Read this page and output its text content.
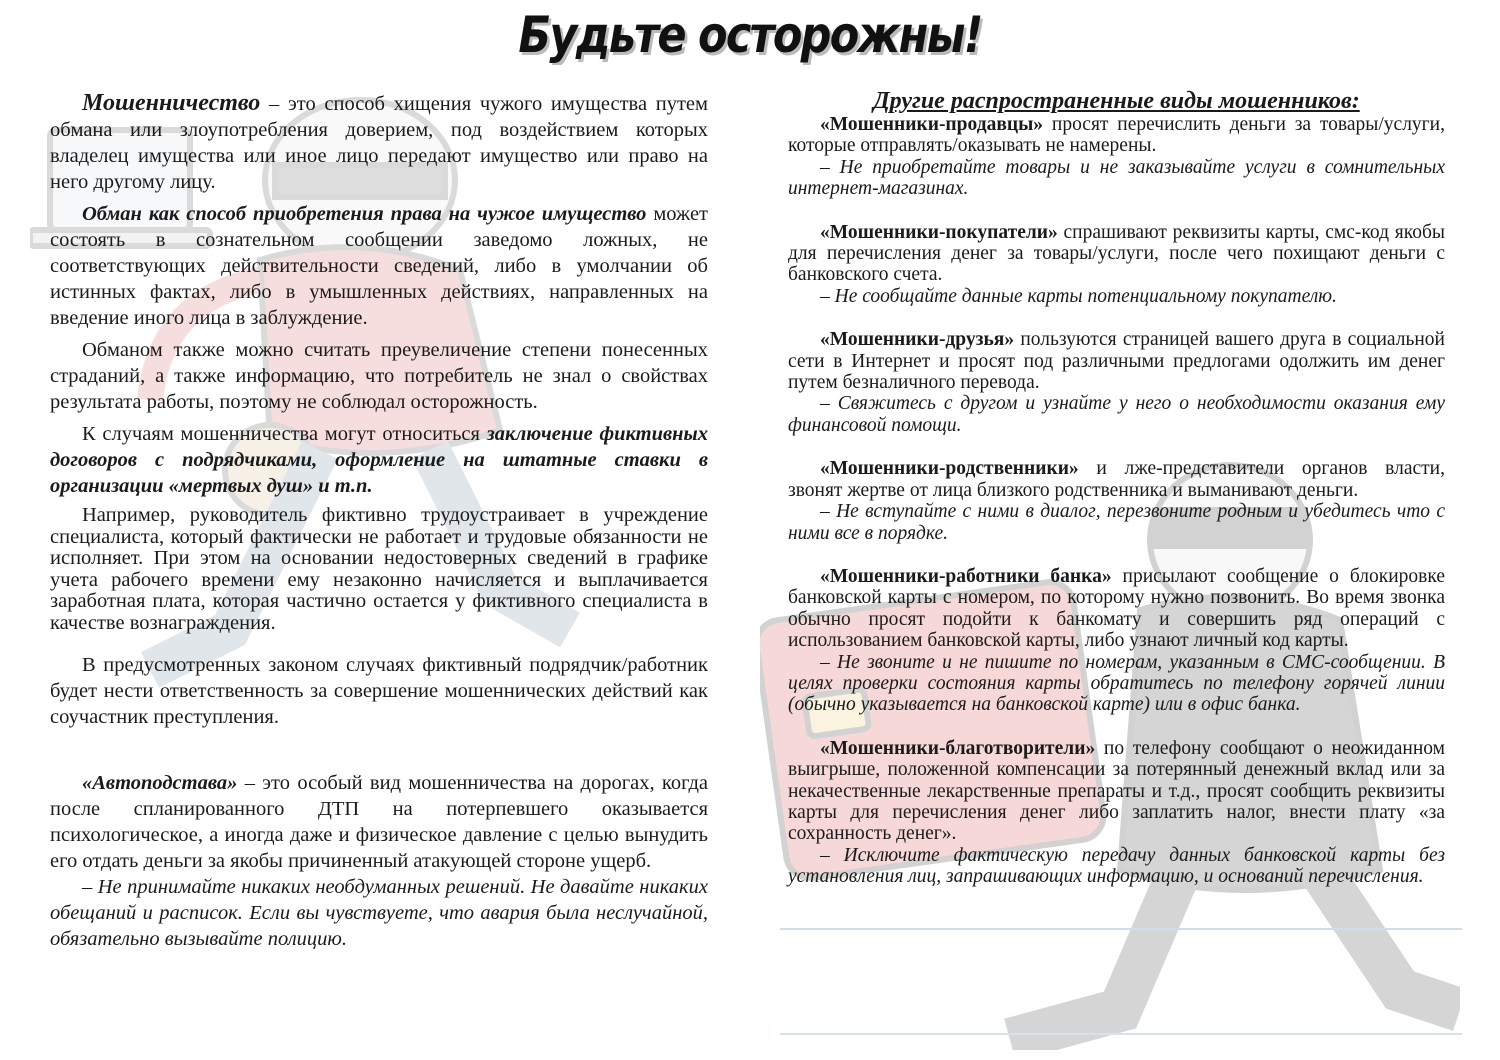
Будьте осторожны!

Мошенничество – это способ хищения чужого имущества путем обмана или злоупотребления доверием, под воздействием которых владелец имущества или иное лицо передают имущество или право на него другому лицу.

Обман как способ приобретения права на чужое имущество может состоять в сознательном сообщении заведомо ложных, не соответствующих действительности сведений, либо в умолчании об истинных фактах, либо в умышленных действиях, направленных на введение иного лица в заблуждение.

Обманом также можно считать преувеличение степени понесенных страданий, а также информацию, что потребитель не знал о свойствах результата работы, поэтому не соблюдал осторожность.

К случаям мошенничества могут относиться заключение фиктивных договоров с подрядчиками, оформление на штатные ставки в организации «мертвых душ» и т.п.

Например, руководитель фиктивно трудоустраивает в учреждение специалиста, который фактически не работает и трудовые обязанности не исполняет. При этом на основании недостоверных сведений в графике учета рабочего времени ему незаконно начисляется и выплачивается заработная плата, которая частично остается у фиктивного специалиста в качестве вознаграждения.

В предусмотренных законом случаях фиктивный подрядчик/работник будет нести ответственность за совершение мошеннических действий как соучастник преступления.

«Автоподстава» – это особый вид мошенничества на дорогах, когда после спланированного ДТП на потерпевшего оказывается психологическое, а иногда даже и физическое давление с целью вынудить его отдать деньги за якобы причиненный атакующей стороне ущерб.

– Не принимайте никаких необдуманных решений. Не давайте никаких обещаний и расписок. Если вы чувствуете, что авария была неслучайной, обязательно вызывайте полицию.

Другие распространенные виды мошенников:

«Мошенники-продавцы» просят перечислить деньги за товары/услуги, которые отправлять/оказывать не намерены.

– Не приобретайте товары и не заказывайте услуги в сомнительных интернет-магазинах.

«Мошенники-покупатели» спрашивают реквизиты карты, смс-код якобы для перечисления денег за товары/услуги, после чего похищают деньги с банковского счета.

– Не сообщайте данные карты потенциальному покупателю.

«Мошенники-друзья» пользуются страницей вашего друга в социальной сети в Интернет и просят под различными предлогами одолжить им денег путем безналичного перевода.

– Свяжитесь с другом и узнайте у него о необходимости оказания ему финансовой помощи.

«Мошенники-родственники» и лже-представители органов власти, звонят жертве от лица близкого родственника и выманивают деньги.

– Не вступайте с ними в диалог, перезвоните родным и убедитесь что с ними все в порядке.

«Мошенники-работники банка» присылают сообщение о блокировке банковской карты с номером, по которому нужно позвонить. Во время звонка обычно просят подойти к банкомату и совершить ряд операций с использованием банковской карты, либо узнают личный код карты.

– Не звоните и не пишите по номерам, указанным в СМС-сообщении. В целях проверки состояния карты обратитесь по телефону горячей линии (обычно указывается на банковской карте) или в офис банка.

«Мошенники-благотворители» по телефону сообщают о неожиданном выигрыше, положенной компенсации за потерянный денежный вклад или за некачественные лекарственные препараты и т.д., просят сообщить реквизиты карты для перечисления денег либо заплатить налог, внести плату «за сохранность денег».

– Исключите фактическую передачу данных банковской карты без установления лиц, запрашивающих информацию, и оснований перечисления.
